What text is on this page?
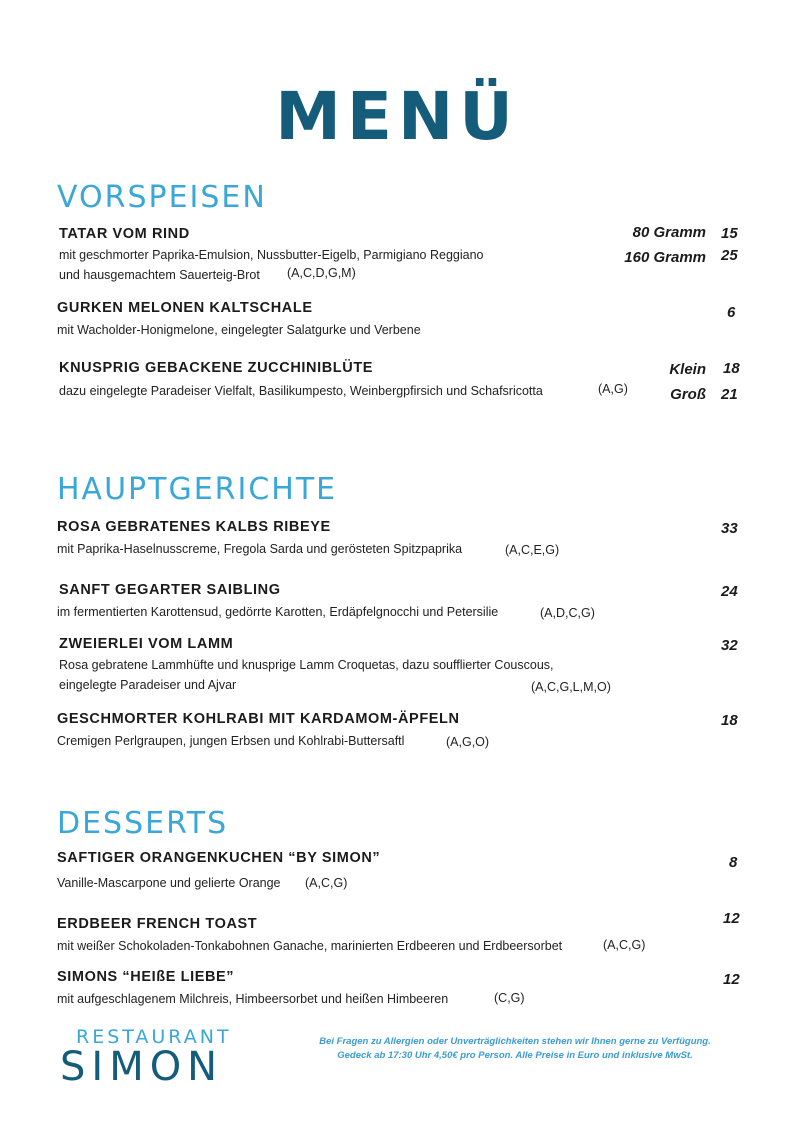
MENÜ
VORSPEISEN
TATAR VOM RIND
mit geschmorter Paprika-Emulsion, Nussbutter-Eigelb, Parmigiano Reggiano
und hausgemachtem Sauerteig-Brot (A,C,D,G,M)
80 Gramm 15
160 Gramm 25
GURKEN MELONEN KALTSCHALE
mit Wacholder-Honigmelone, eingelegter Salatgurke und Verbene
6
KNUSPRIG GEBACKENE ZUCCHINIBLÜTE
dazu eingelegte Paradeiser Vielfalt, Basilikumpesto, Weinbergpfirsich und Schafsricotta	(A,G)
Klein 18
Groß 21
HAUPTGERICHTE
ROSA GEBRATENES KALBS RIBEYE
mit Paprika-Haselnusscreme, Fregola Sarda und gerösteten Spitzpaprika	(A,C,E,G)
33
SANFT GEGARTER SAIBLING
im fermentierten Karottensud, gedörrte Karotten, Erdäpfelgnocchi und Petersilie	(A,D,C,G)
24
ZWEIERLEI VOM LAMM
Rosa gebratene Lammhüfte und knusprige Lamm Croquetas, dazu soufflierter Couscous,
eingelegte Paradeiser und Ajvar	(A,C,G,L,M,O)
32
GESCHMORTER KOHLRABI MIT KARDAMOM-ÄPFELN
Cremigen Perlgraupen, jungen Erbsen und Kohlrabi-Buttersaftl	(A,G,O)
18
DESSERTS
SAFTIGER ORANGENKUCHEN “BY SIMON”
Vanille-Mascarpone und gelierte Orange (A,C,G)
8
ERDBEER FRENCH TOAST
mit weißer Schokoladen-Tonkabohnen Ganache, marinierten Erdbeeren und Erdbeersorbet	(A,C,G)
12
SIMONS “HEIßE LIEBE”
mit aufgeschlagenem Milchreis, Himbeersorbet und heißen Himbeeren	(C,G)
12
RESTAURANT
SIMON
Bei Fragen zu Allergien oder Unverträglichkeiten stehen wir Ihnen gerne zu Verfügung.
Gedeck ab 17:30 Uhr 4,50€ pro Person. Alle Preise in Euro und inklusive MwSt.
